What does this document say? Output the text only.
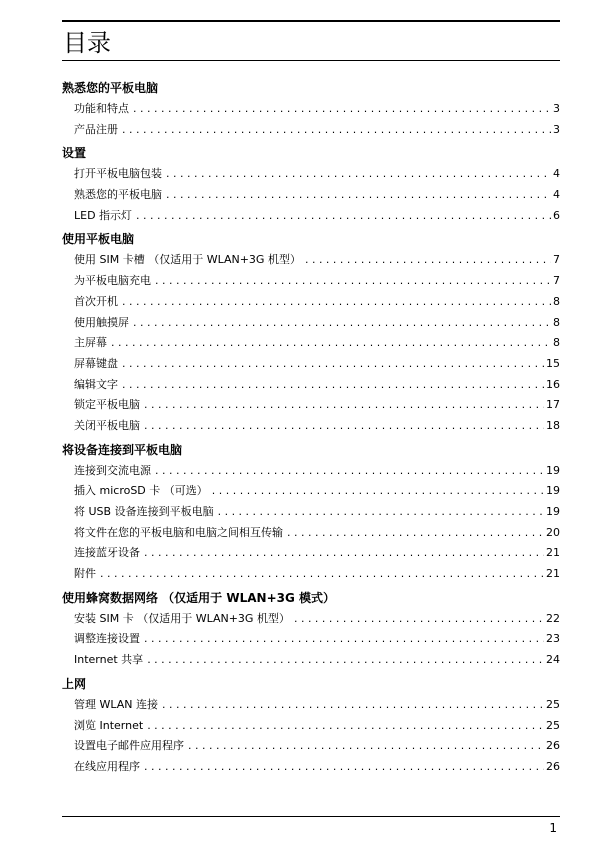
目录
熟悉您的平板电脑
功能和特点 . . .	3
产品注册 . . .	3
设置
打开平板电脑包装 . . .	4
熟悉您的平板电脑 . . .	4
LED 指示灯 . . .	6
使用平板电脑
使用 SIM 卡槽 （仅适用于 WLAN+3G 机型） . . .	7
为平板电脑充电 . . .	7
首次开机 . . .	8
使用触摸屏 . . .	8
主屏幕 . . .	8
屏幕键盘 . . .	15
编辑文字 . . .	16
锁定平板电脑 . . .	17
关闭平板电脑 . . .	18
将设备连接到平板电脑
连接到交流电源 . . .	19
插入 microSD 卡 （可选） . . .	19
将 USB 设备连接到平板电脑 . . .	19
将文件在您的平板电脑和电脑之间相互传输 . . .	20
连接蓝牙设备 . . .	21
附件 . . .	21
使用蜂窝数据网络 （仅适用于 WLAN+3G 模式）
安装 SIM 卡 （仅适用于 WLAN+3G 机型） . . .	22
调整连接设置 . . .	23
Internet 共享 . . .	24
上网
管理 WLAN 连接 . . .	25
浏览 Internet . . .	25
设置电子邮件应用程序 . . .	26
在线应用程序 . . .	26
1
